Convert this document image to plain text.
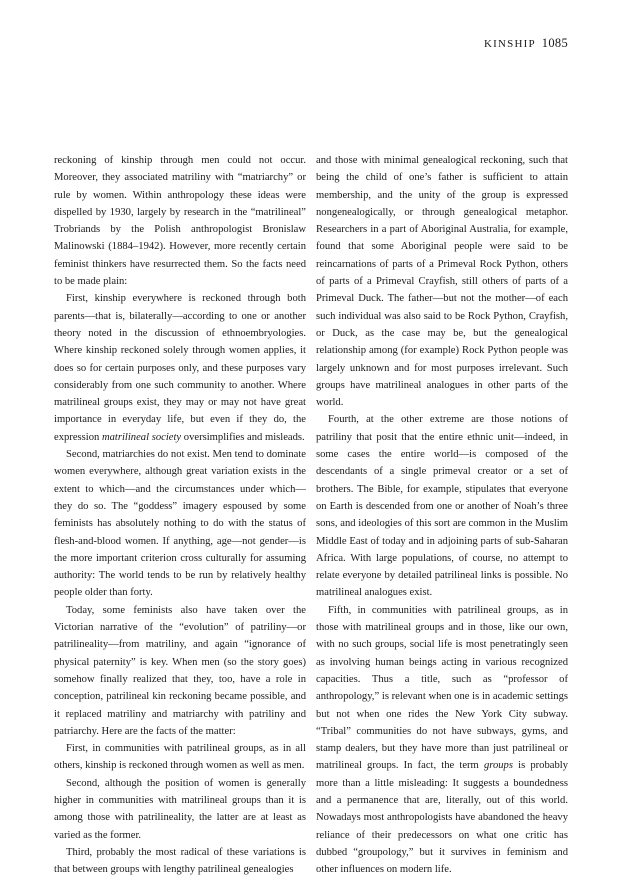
KINSHIP 1085

reckoning of kinship through men could not occur. Moreover, they associated matriliny with “matriarchy” or rule by women. Within anthropology these ideas were dispelled by 1930, largely by research in the “matrilineal” Trobriands by the Polish anthropologist Bronislaw Malinowski (1884–1942). However, more recently certain feminist thinkers have resurrected them. So the facts need to be made plain:

First, kinship everywhere is reckoned through both parents—that is, bilaterally—according to one or another theory noted in the discussion of ethnoembryologies. Where kinship reckoned solely through women applies, it does so for certain purposes only, and these purposes vary considerably from one such community to another. Where matrilineal groups exist, they may or may not have great importance in everyday life, but even if they do, the expression matrilineal society oversimplifies and misleads.

Second, matriarchies do not exist. Men tend to dominate women everywhere, although great variation exists in the extent to which—and the circumstances under which—they do so. The “goddess” imagery espoused by some feminists has absolutely nothing to do with the status of flesh-and-blood women. If anything, age—not gender—is the more important criterion cross culturally for assuming authority: The world tends to be run by relatively healthy people older than forty.

Today, some feminists also have taken over the Victorian narrative of the “evolution” of patriliny—or patrilineality—from matriliny, and again “ignorance of physical paternity” is key. When men (so the story goes) somehow finally realized that they, too, have a role in conception, patrilineal kin reckoning became possible, and it replaced matriliny and matriarchy with patriliny and patriarchy. Here are the facts of the matter:

First, in communities with patrilineal groups, as in all others, kinship is reckoned through women as well as men.

Second, although the position of women is generally higher in communities with matrilineal groups than it is among those with patrilineality, the latter are at least as varied as the former.

Third, probably the most radical of these variations is that between groups with lengthy patrilineal genealogies

and those with minimal genealogical reckoning, such that being the child of one’s father is sufficient to attain membership, and the unity of the group is expressed nongenealogically, or through genealogical metaphor. Researchers in a part of Aboriginal Australia, for example, found that some Aboriginal people were said to be reincarnations of parts of a Primeval Rock Python, others of parts of a Primeval Crayfish, still others of parts of a Primeval Duck. The father—but not the mother—of each such individual was also said to be Rock Python, Crayfish, or Duck, as the case may be, but the genealogical relationship among (for example) Rock Python people was largely unknown and for most purposes irrelevant. Such groups have matrilineal analogues in other parts of the world.

Fourth, at the other extreme are those notions of patriliny that posit that the entire ethnic unit—indeed, in some cases the entire world—is composed of the descendants of a single primeval creator or a set of brothers. The Bible, for example, stipulates that everyone on Earth is descended from one or another of Noah’s three sons, and ideologies of this sort are common in the Muslim Middle East of today and in adjoining parts of sub-Saharan Africa. With large populations, of course, no attempt to relate everyone by detailed patrilineal links is possible. No matrilineal analogues exist.

Fifth, in communities with patrilineal groups, as in those with matrilineal groups and in those, like our own, with no such groups, social life is most penetratingly seen as involving human beings acting in various recognized capacities. Thus a title, such as “professor of anthropology,” is relevant when one is in academic settings but not when one rides the New York City subway. “Tribal” communities do not have subways, gyms, and stamp dealers, but they have more than just patrilineal or matrilineal groups. In fact, the term groups is probably more than a little misleading: It suggests a boundedness and a permanence that are, literally, out of this world. Nowadays most anthropologists have abandoned the heavy reliance of their predecessors on what one critic has dubbed “groupology,” but it survives in feminism and other influences on modern life.
